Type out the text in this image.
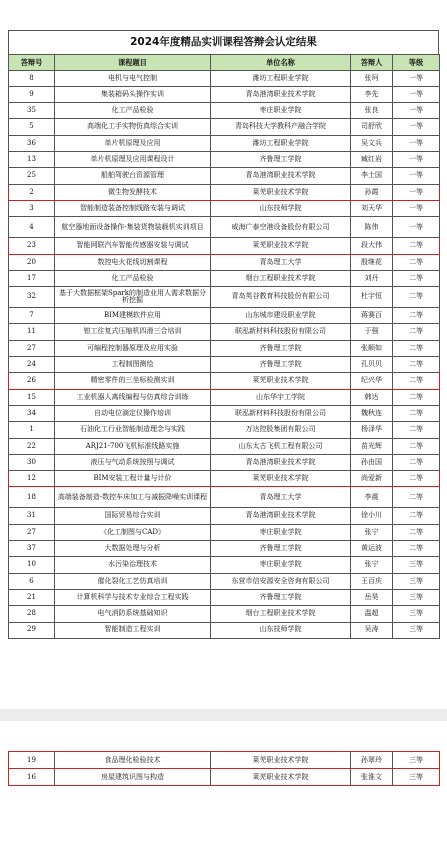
2024年度精品实训课程答辩会认定结果
答辩号	课程题目	单位名称	答辩人	等级
8	电机与电气控制	潍坊工程职业学院	张珂	一等
9	集装箱码头操作实训	青岛港湾职业技术学院	李先	一等
35	化工产品检验	枣庄职业学院	张良	一等
5	高端化工手实物仿真综合实训	青岛科技大学教科产融合学院	司舒欣	一等
36	单片机原理及应用	潍坊工程职业学院	吴文兵	一等
13	单片机原理及应用课程设计	齐鲁理工学院	臧红岩	一等
25	船舶驾驶台资源管理	青岛港湾职业技术学院	李士国	一等
2	微生物发酵技术	莱芜职业技术学院	孙霞	一等
3	智能制造装备控制线路安装与调试	山东技师学院	刘天华	一等
4	航空器地面设备操作-集装货物装载机实训项目	威海广泰空港设备股份有限公司	陈伟	一等
23	智能网联汽车智能传感器安装与调试	莱芜职业技术学院	段大伟	二等
20	数控电火花线切割课程	青岛理工大学	殷继花	二等
17	化工产品检验	烟台工程职业技术学院	刘丹	二等
32	基于大数据框架Spark的制造业用人需求数据分析挖掘	青岛英谷教育科技股份有限公司	杜宇恒	二等
7	BIM建模软件应用	山东城市建设职业学院	蒋赛百	二等
11	钳工往复式压缩机四滑三合培训	联泓新材料科技股份有限公司	于强	二等
27	可编程控制器原理及应用实验	齐鲁理工学院	张顺如	二等
24	工程制图测绘	齐鲁理工学院	孔贝贝	二等
26	精密零件的三坐标检测实训	莱芜职业技术学院	纪兴华	二等
15	工业机器人离线编程与仿真综合训练	山东华宇工学院	韩达	二等
34	自动电位滴定仪操作培训	联泓新材料科技股份有限公司	魏秋连	二等
1	石油化工行业智能制造理念与实践	万达控股集团有限公司	杨泽华	二等
22	ARJ21-700飞机标准线路实施	山东太古飞机工程有限公司	苗光辉	二等
30	液压与气动系统按照与调试	青岛港湾职业技术学院	孙由国	二等
12	BIM安装工程计量与计价	莱芜职业技术学院	尚爱新	二等
18	高端装备制造-数控车床加工与减振降噪实训课程	青岛理工大学	李震	二等
31	国际贸易综合实训	青岛港湾职业技术学院	徐小川	二等
27	《化工制图与CAD》	枣庄职业学院	张宁	二等
37	大数据处理与分析	齐鲁理工学院	黄运波	二等
10	水污染治理技术	枣庄职业学院	张宁	三等
6	催化裂化工艺仿真培训	东营市信安源安全咨询有限公司	王百庆	三等
21	计算机科学与技术专业综合工程实践	齐鲁理工学院	岳昊	三等
28	电气消防系统基础知识	烟台工程职业技术学院	温超	三等
29	智能制造工程实训	山东技师学院	吴涛	三等
19	食品理化检验技术	莱芜职业技术学院	孙翠玲	三等
16	房屋建筑识图与构造	莱芜职业技术学院	张淮文	三等
